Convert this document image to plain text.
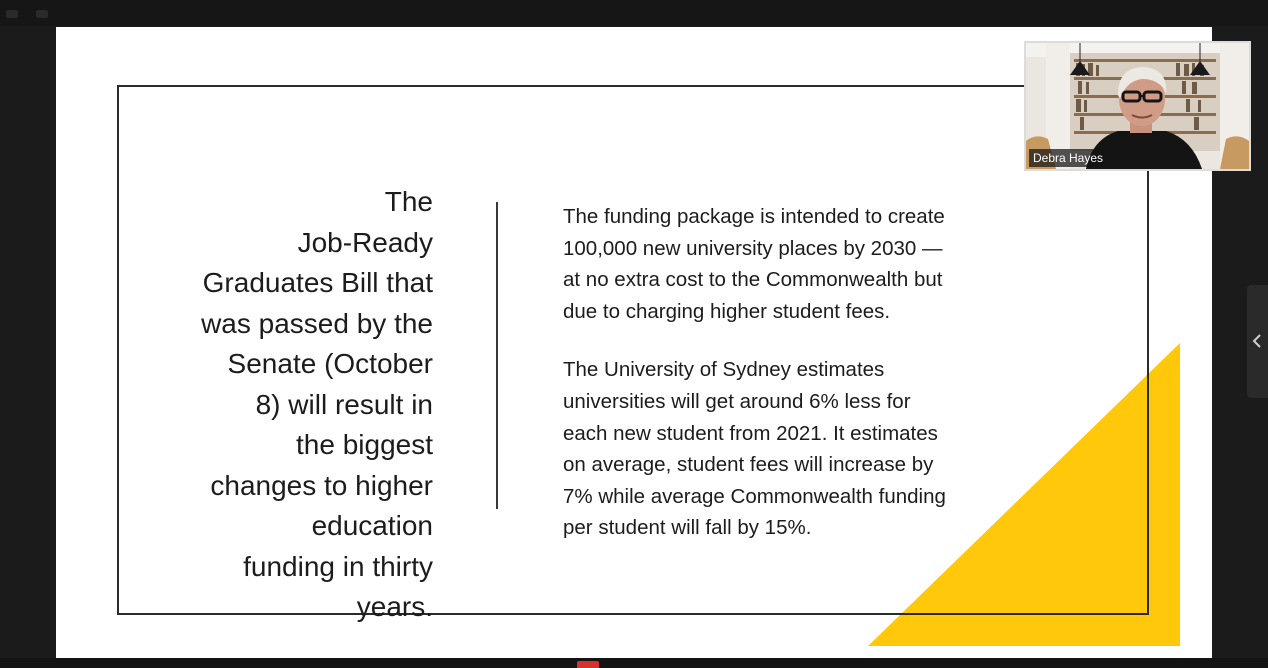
The
Job-Ready
Graduates Bill that
was passed by the
Senate (October
8) will result in
the biggest
changes to higher
education
funding in thirty
years.

The funding package is intended to create
100,000 new university places by 2030 —
at no extra cost to the Commonwealth but
due to charging higher student fees.

The University of Sydney estimates
universities will get around 6% less for
each new student from 2021. It estimates
on average, student fees will increase by
7% while average Commonwealth funding
per student will fall by 15%.

Debra Hayes
